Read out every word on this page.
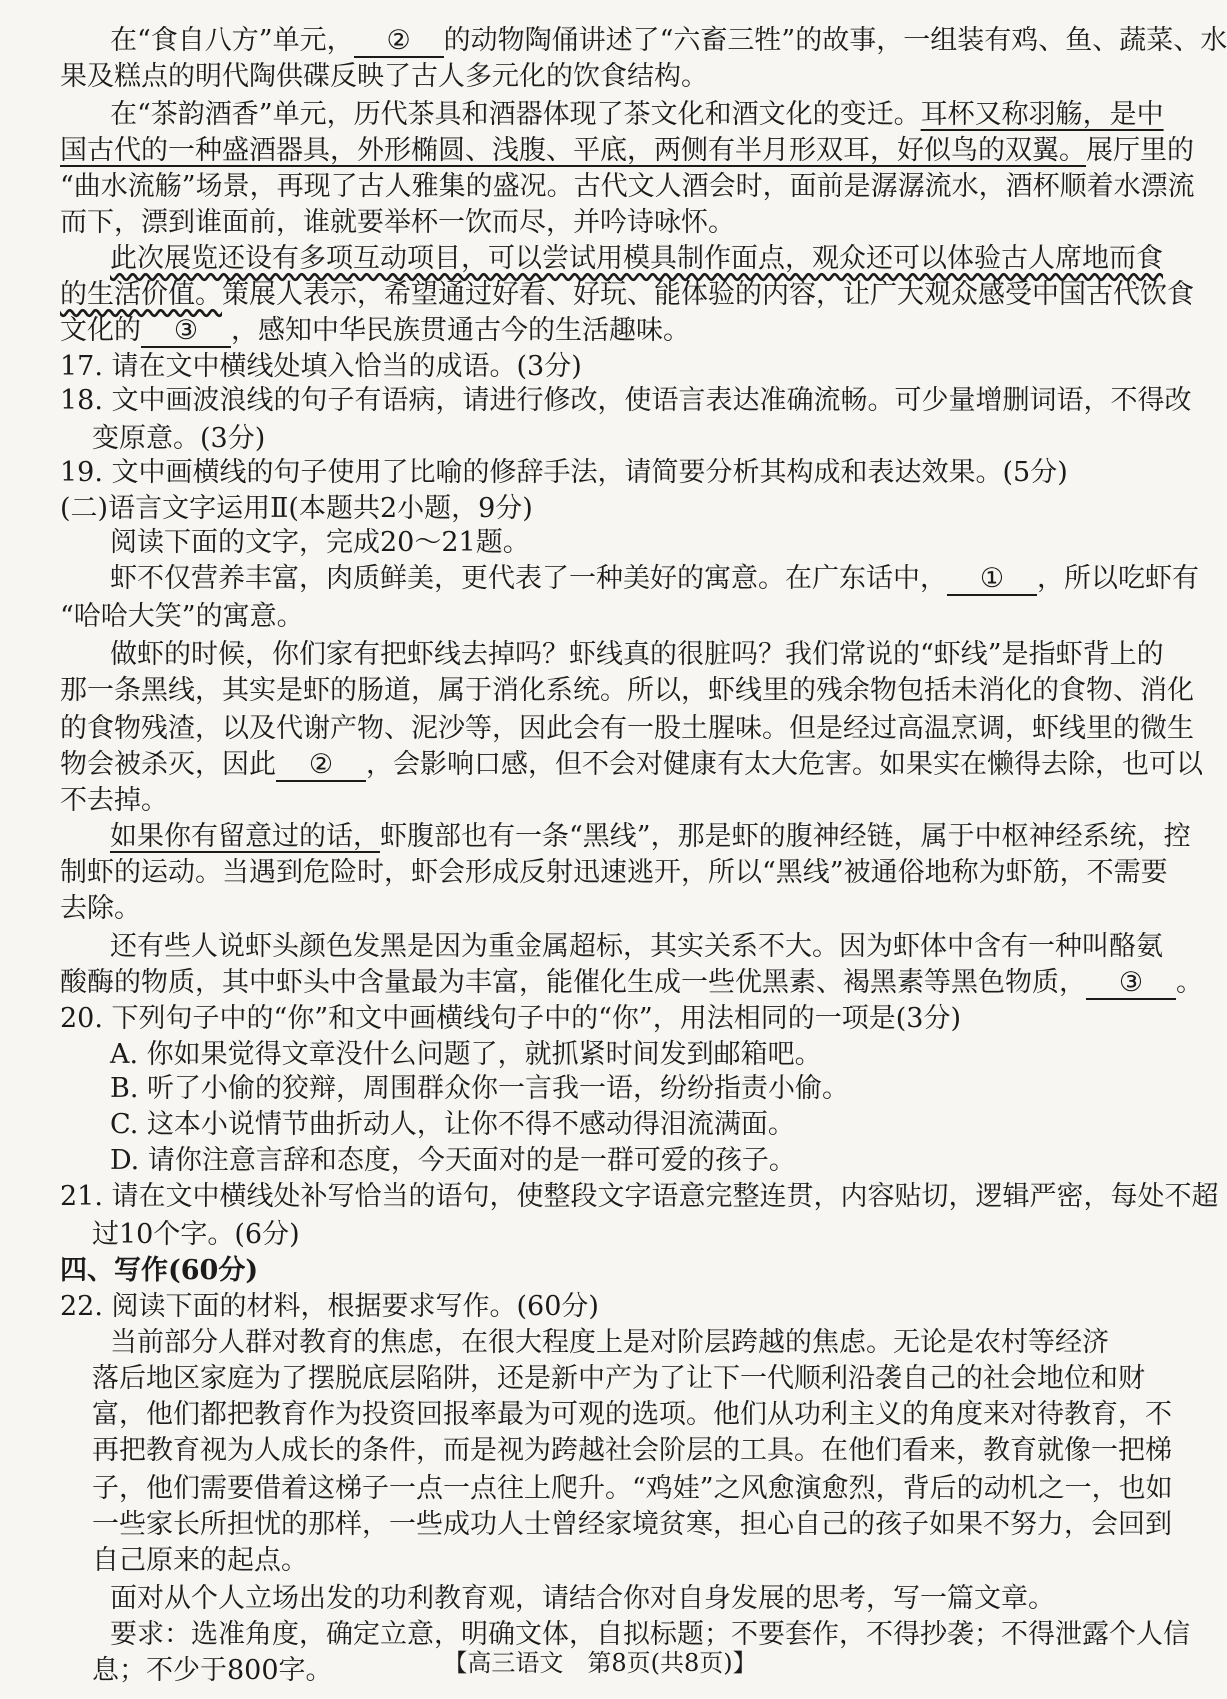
在“食自八方”单元， ② 的动物陶俑讲述了“六畜三牲”的故事，一组装有鸡、鱼、蔬菜、水
果及糕点的明代陶供碟反映了古人多元化的饮食结构。
在“茶韵酒香”单元，历代茶具和酒器体现了茶文化和酒文化的变迁。耳杯又称羽觞，是中
国古代的一种盛酒器具，外形椭圆、浅腹、平底，两侧有半月形双耳，好似鸟的双翼。展厅里的
“曲水流觞”场景，再现了古人雅集的盛况。古代文人酒会时，面前是潺潺流水，酒杯顺着水漂流
而下，漂到谁面前，谁就要举杯一饮而尽，并吟诗咏怀。
此次展览还设有多项互动项目，可以尝试用模具制作面点，观众还可以体验古人席地而食
的生活价值。策展人表示，希望通过好看、好玩、能体验的内容，让广大观众感受中国古代饮食
文化的 ③ ，感知中华民族贯通古今的生活趣味。
17. 请在文中横线处填入恰当的成语。(3分)
18. 文中画波浪线的句子有语病，请进行修改，使语言表达准确流畅。可少量增删词语，不得改
变原意。(3分)
19. 文中画横线的句子使用了比喻的修辞手法，请简要分析其构成和表达效果。(5分)
(二)语言文字运用Ⅱ(本题共2小题，9分)
阅读下面的文字，完成20～21题。
虾不仅营养丰富，肉质鲜美，更代表了一种美好的寓意。在广东话中， ① ，所以吃虾有
“哈哈大笑”的寓意。
做虾的时候，你们家有把虾线去掉吗？虾线真的很脏吗？我们常说的“虾线”是指虾背上的
那一条黑线，其实是虾的肠道，属于消化系统。所以，虾线里的残余物包括未消化的食物、消化
的食物残渣，以及代谢产物、泥沙等，因此会有一股土腥味。但是经过高温烹调，虾线里的微生
物会被杀灭，因此 ② ，会影响口感，但不会对健康有太大危害。如果实在懒得去除，也可以
不去掉。
如果你有留意过的话，虾腹部也有一条“黑线”，那是虾的腹神经链，属于中枢神经系统，控
制虾的运动。当遇到危险时，虾会形成反射迅速逃开，所以“黑线”被通俗地称为虾筋，不需要
去除。
还有些人说虾头颜色发黑是因为重金属超标，其实关系不大。因为虾体中含有一种叫酪氨
酸酶的物质，其中虾头中含量最为丰富，能催化生成一些优黑素、褐黑素等黑色物质， ③ 。
20. 下列句子中的“你”和文中画横线句子中的“你”，用法相同的一项是(3分)
A. 你如果觉得文章没什么问题了，就抓紧时间发到邮箱吧。
B. 听了小偷的狡辩，周围群众你一言我一语，纷纷指责小偷。
C. 这本小说情节曲折动人，让你不得不感动得泪流满面。
D. 请你注意言辞和态度，今天面对的是一群可爱的孩子。
21. 请在文中横线处补写恰当的语句，使整段文字语意完整连贯，内容贴切，逻辑严密，每处不超
过10个字。(6分)
四、写作(60分)
22. 阅读下面的材料，根据要求写作。(60分)
当前部分人群对教育的焦虑，在很大程度上是对阶层跨越的焦虑。无论是农村等经济
落后地区家庭为了摆脱底层陷阱，还是新中产为了让下一代顺利沿袭自己的社会地位和财
富，他们都把教育作为投资回报率最为可观的选项。他们从功利主义的角度来对待教育，不
再把教育视为人成长的条件，而是视为跨越社会阶层的工具。在他们看来，教育就像一把梯
子，他们需要借着这梯子一点一点往上爬升。“鸡娃”之风愈演愈烈，背后的动机之一，也如
一些家长所担忧的那样，一些成功人士曾经家境贫寒，担心自己的孩子如果不努力，会回到
自己原来的起点。
面对从个人立场出发的功利教育观，请结合你对自身发展的思考，写一篇文章。
要求：选准角度，确定立意，明确文体，自拟标题；不要套作，不得抄袭；不得泄露个人信
息；不少于800字。	【高三语文　第8页(共8页)】
